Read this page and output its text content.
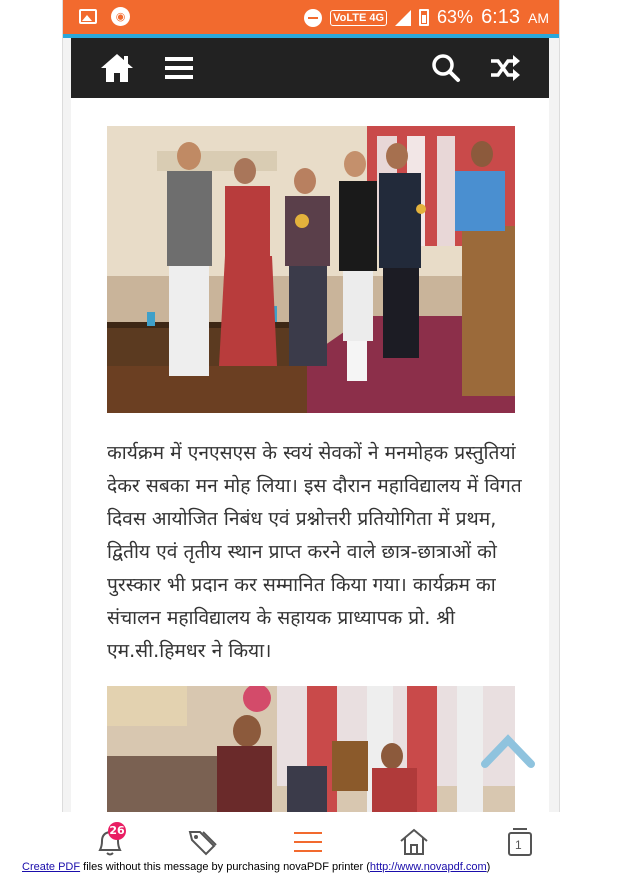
◉	VoLTE 4G	63% 6:13 AM

कार्यक्रम में एनएसएस के स्वयं सेवकों ने मनमोहक प्रस्तुतियां देकर सबका मन मोह लिया। इस दौरान महाविद्यालय में विगत दिवस आयोजित निबंध एवं प्रश्नोत्तरी प्रतियोगिता में प्रथम, द्वितीय एवं तृतीय स्थान प्राप्त करने वाले छात्र-छात्राओं को पुरस्कार भी प्रदान कर सम्मानित किया गया। कार्यक्रम का संचालन महाविद्यालय के सहायक प्राध्यापक प्रो. श्री एम.सी.हिमधर ने किया।

26
1
Create PDF files without this message by purchasing novaPDF printer (http://www.novapdf.com)
